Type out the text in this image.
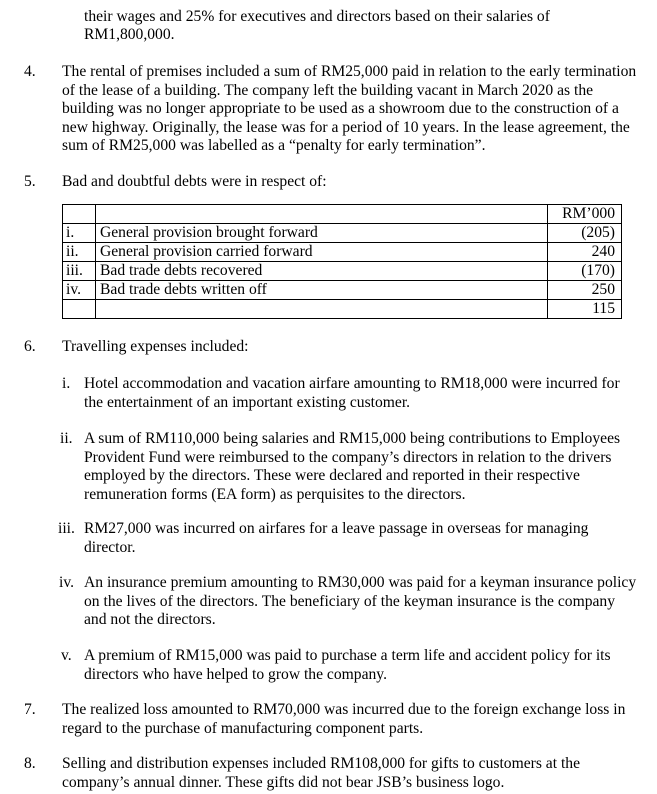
their wages and 25% for executives and directors based on their salaries of
RM1,800,000.
4. The rental of premises included a sum of RM25,000 paid in relation to the early termination of the lease of a building. The company left the building vacant in March 2020 as the building was no longer appropriate to be used as a showroom due to the construction of a new highway. Originally, the lease was for a period of 10 years. In the lease agreement, the sum of RM25,000 was labelled as a “penalty for early termination”.
5. Bad and doubtful debts were in respect of:
		RM’000
i.	General provision brought forward	(205)
ii.	General provision carried forward	240
iii.	Bad trade debts recovered	(170)
iv.	Bad trade debts written off	250
		115
6. Travelling expenses included:
i. Hotel accommodation and vacation airfare amounting to RM18,000 were incurred for the entertainment of an important existing customer.
ii. A sum of RM110,000 being salaries and RM15,000 being contributions to Employees Provident Fund were reimbursed to the company’s directors in relation to the drivers employed by the directors. These were declared and reported in their respective remuneration forms (EA form) as perquisites to the directors.
iii. RM27,000 was incurred on airfares for a leave passage in overseas for managing director.
iv. An insurance premium amounting to RM30,000 was paid for a keyman insurance policy on the lives of the directors. The beneficiary of the keyman insurance is the company and not the directors.
v. A premium of RM15,000 was paid to purchase a term life and accident policy for its directors who have helped to grow the company.
7. The realized loss amounted to RM70,000 was incurred due to the foreign exchange loss in regard to the purchase of manufacturing component parts.
8. Selling and distribution expenses included RM108,000 for gifts to customers at the company’s annual dinner. These gifts did not bear JSB’s business logo.
